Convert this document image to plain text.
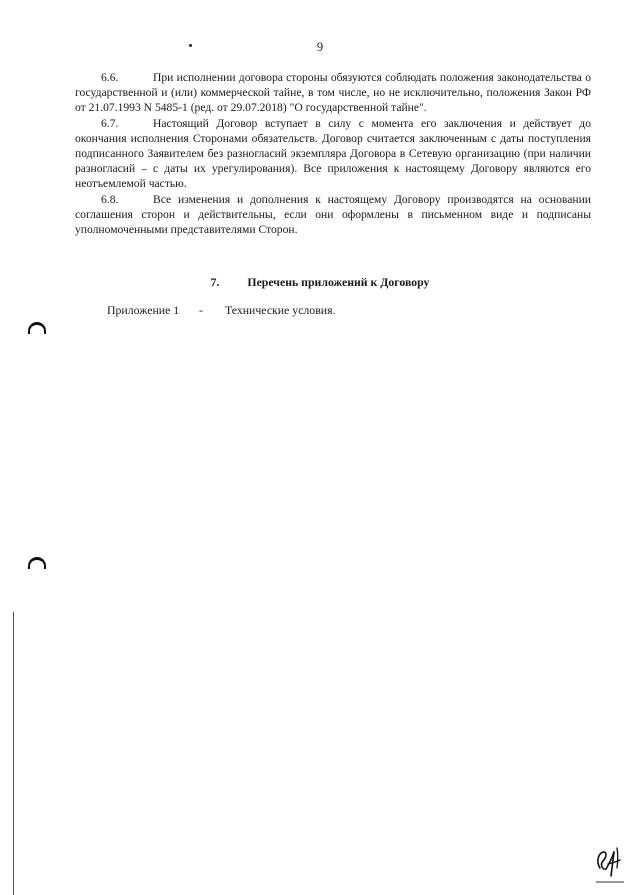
9

6.6.	При исполнении договора стороны обязуются соблюдать положения законодательства о государственной и (или) коммерческой тайне, в том числе, но не исключительно, положения Закон РФ от 21.07.1993 N 5485-1 (ред. от 29.07.2018) "О государственной тайне".

6.7.	Настоящий Договор вступает в силу с момента его заключения и действует до окончания исполнения Сторонами обязательств. Договор считается заключенным с даты поступления подписанного Заявителем без разногласий экземпляра Договора в Сетевую организацию (при наличии разногласий – с даты их урегулирования). Все приложения к настоящему Договору являются его неотъемлемой частью.

6.8.	Все изменения и дополнения к настоящему Договору производятся на основании соглашения сторон и действительны, если они оформлены в письменном виде и подписаны уполномоченными представителями Сторон.

7. Перечень приложений к Договору
Приложение 1 - Технические условия.
